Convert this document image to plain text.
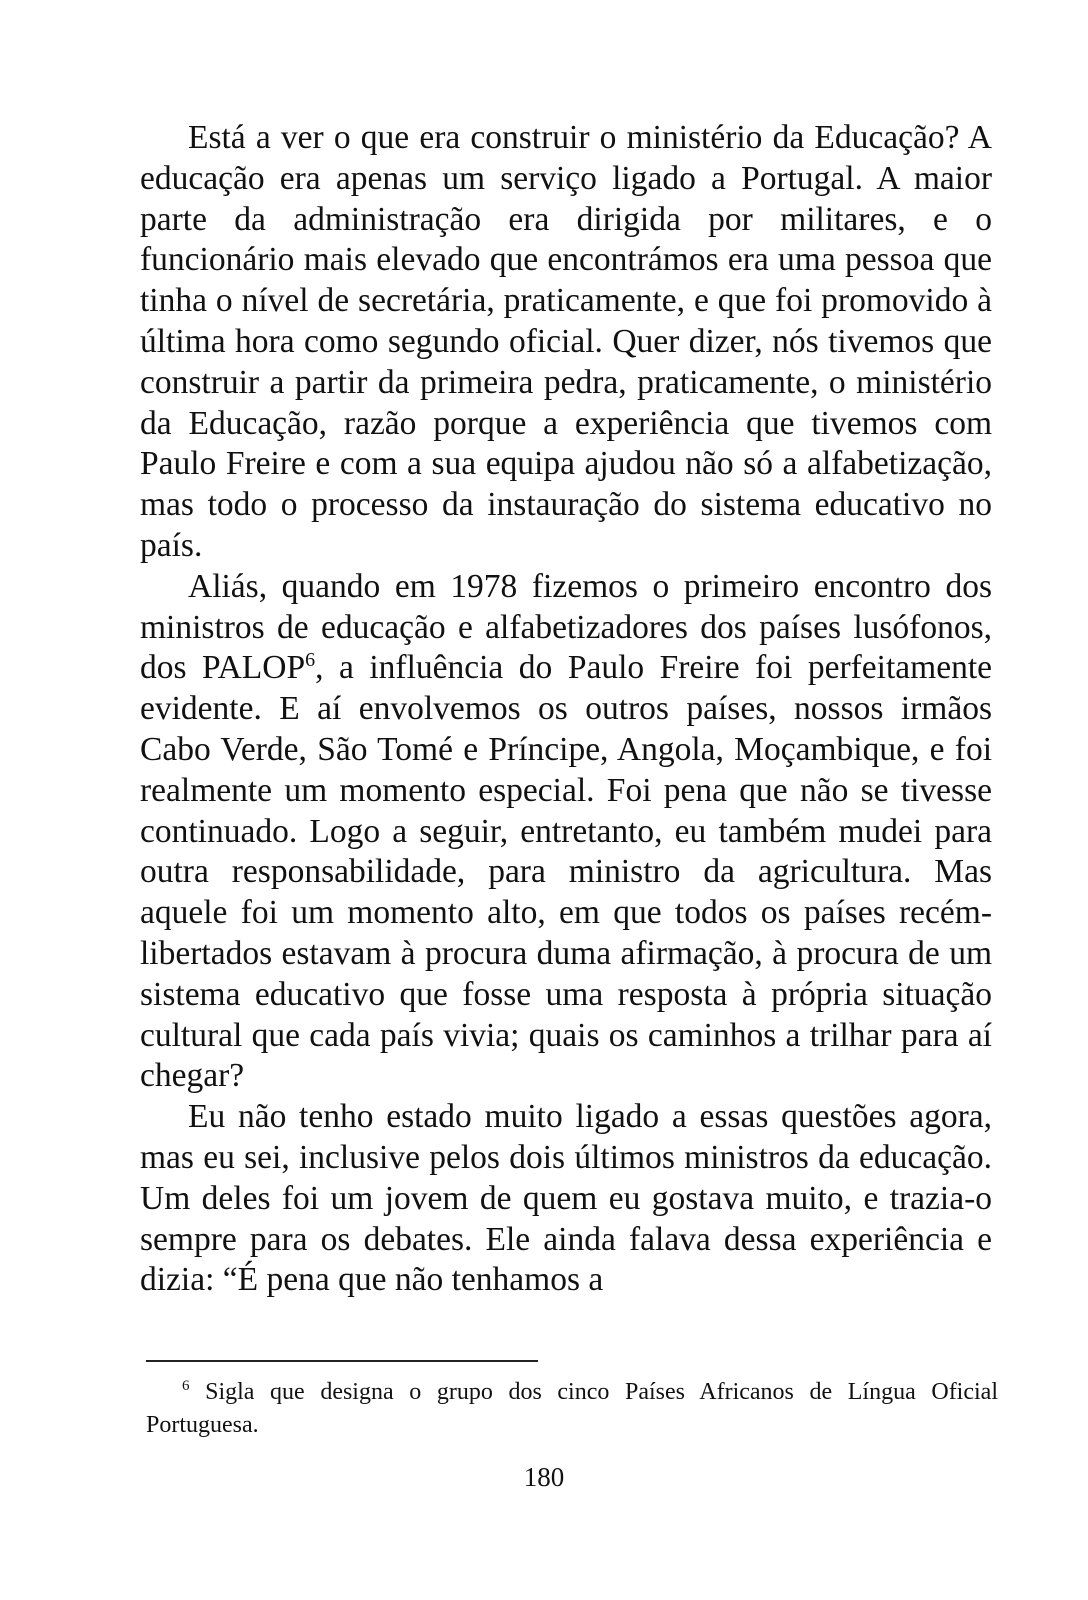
Está a ver o que era construir o ministério da Educação? A educação era apenas um serviço ligado a Portugal. A maior parte da administração era dirigida por militares, e o funcionário mais elevado que encontrámos era uma pessoa que tinha o nível de secretária, praticamente, e que foi promovido à última hora como segundo oficial. Quer dizer, nós tivemos que construir a partir da primeira pedra, praticamente, o ministério da Educação, razão porque a experiência que tivemos com Paulo Freire e com a sua equipa ajudou não só a alfabetização, mas todo o processo da instauração do sistema educativo no país.

Aliás, quando em 1978 fizemos o primeiro encontro dos ministros de educação e alfabetizadores dos países lusófonos, dos PALOP$^6$, a influência do Paulo Freire foi perfeitamente evidente. E aí envolvemos os outros países, nossos irmãos Cabo Verde, São Tomé e Príncipe, Angola, Moçambique, e foi realmente um momento especial. Foi pena que não se tivesse continuado. Logo a seguir, entretanto, eu também mudei para outra responsabilidade, para ministro da agricultura. Mas aquele foi um momento alto, em que todos os países recém-libertados estavam à procura duma afirmação, à procura de um sistema educativo que fosse uma resposta à própria situação cultural que cada país vivia; quais os caminhos a trilhar para aí chegar?

Eu não tenho estado muito ligado a essas questões agora, mas eu sei, inclusive pelos dois últimos ministros da educação. Um deles foi um jovem de quem eu gostava muito, e trazia-o sempre para os debates. Ele ainda falava dessa experiência e dizia: “É pena que não tenhamos a

$^6$ Sigla que designa o grupo dos cinco Países Africanos de Língua Oficial Portuguesa.

180
